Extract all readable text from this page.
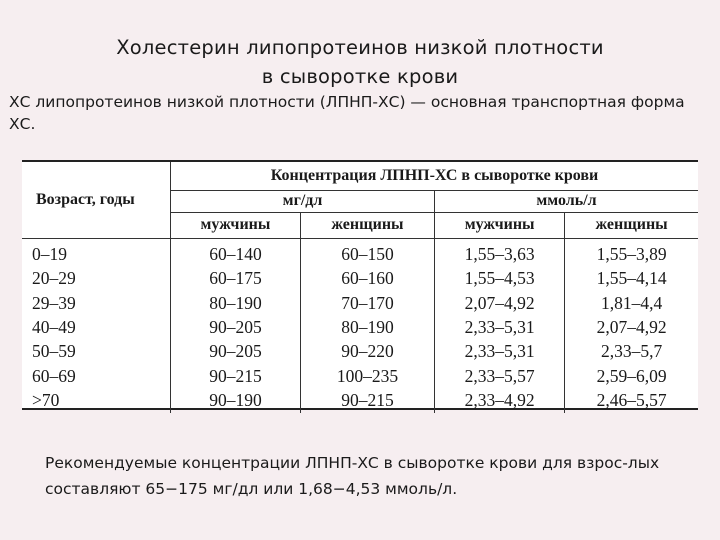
Холестерин липопротеинов низкой плотности
в сыворотке крови
ХС липопротеинов низкой плотности (ЛПНП-ХС) — основная транспортная форма ХС.
Возраст, годы	Концентрация ЛПНП-ХС в сыворотке крови			
	мг/дл		ммоль/л	
	мужчины	женщины	мужчины	женщины
0–19	60–140	60–150	1,55–3,63	1,55–3,89
20–29	60–175	60–160	1,55–4,53	1,55–4,14
29–39	80–190	70–170	2,07–4,92	1,81–4,4
40–49	90–205	80–190	2,33–5,31	2,07–4,92
50–59	90–205	90–220	2,33–5,31	2,33–5,7
60–69	90–215	100–235	2,33–5,57	2,59–6,09
>70	90–190	90–215	2,33–4,92	2,46–5,57
Рекомендуемые концентрации ЛПНП-ХС в сыворотке крови для взрос-лых составляют 65−175 мг/дл или 1,68−4,53 ммоль/л.
